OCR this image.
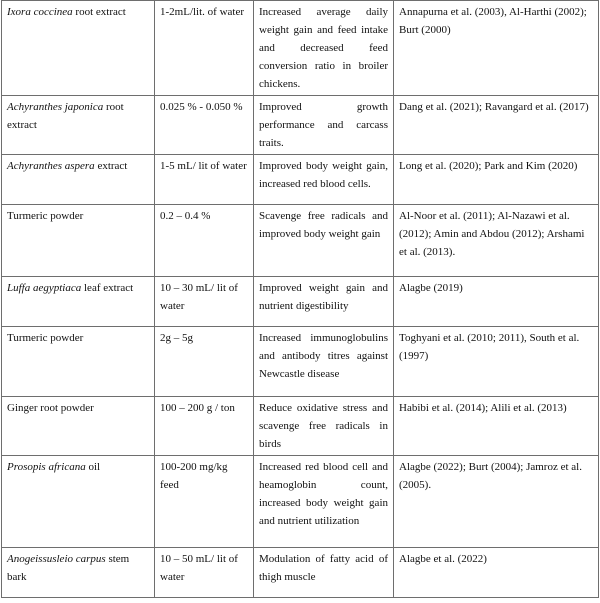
Ixora coccinea root extract	1-2mL/lit. of water	Increased average daily weight gain and feed intake and decreased feed conversion ratio in broiler chickens.	Annapurna et al. (2003), Al-Harthi (2002); Burt (2000)
Achyranthes japonica root extract	0.025 % - 0.050 %	Improved growth performance and carcass traits.	Dang et al. (2021); Ravangard et al. (2017)
Achyranthes aspera extract	1-5 mL/ lit of water	Improved body weight gain, increased red blood cells.	Long et al. (2020); Park and Kim (2020)
Turmeric powder	0.2 – 0.4 %	Scavenge free radicals and improved body weight gain	Al-Noor et al. (2011); Al-Nazawi et al. (2012); Amin and Abdou (2012); Arshami et al. (2013).
Luffa aegyptiaca leaf extract	10 – 30 mL/ lit of water	Improved weight gain and nutrient digestibility	Alagbe (2019)
Turmeric powder	2g – 5g	Increased immunoglobulins and antibody titres against Newcastle disease	Toghyani et al. (2010; 2011), South et al. (1997)
Ginger root powder	100 – 200 g / ton	Reduce oxidative stress and scavenge free radicals in birds	Habibi et al. (2014); Alili et al. (2013)
Prosopis africana oil	100-200 mg/kg feed	Increased red blood cell and heamoglobin count, increased body weight gain and nutrient utilization	Alagbe (2022); Burt (2004); Jamroz et al. (2005).
Anogeissusleio carpus stem bark	10 – 50 mL/ lit of water	Modulation of fatty acid of thigh muscle	Alagbe et al. (2022)
